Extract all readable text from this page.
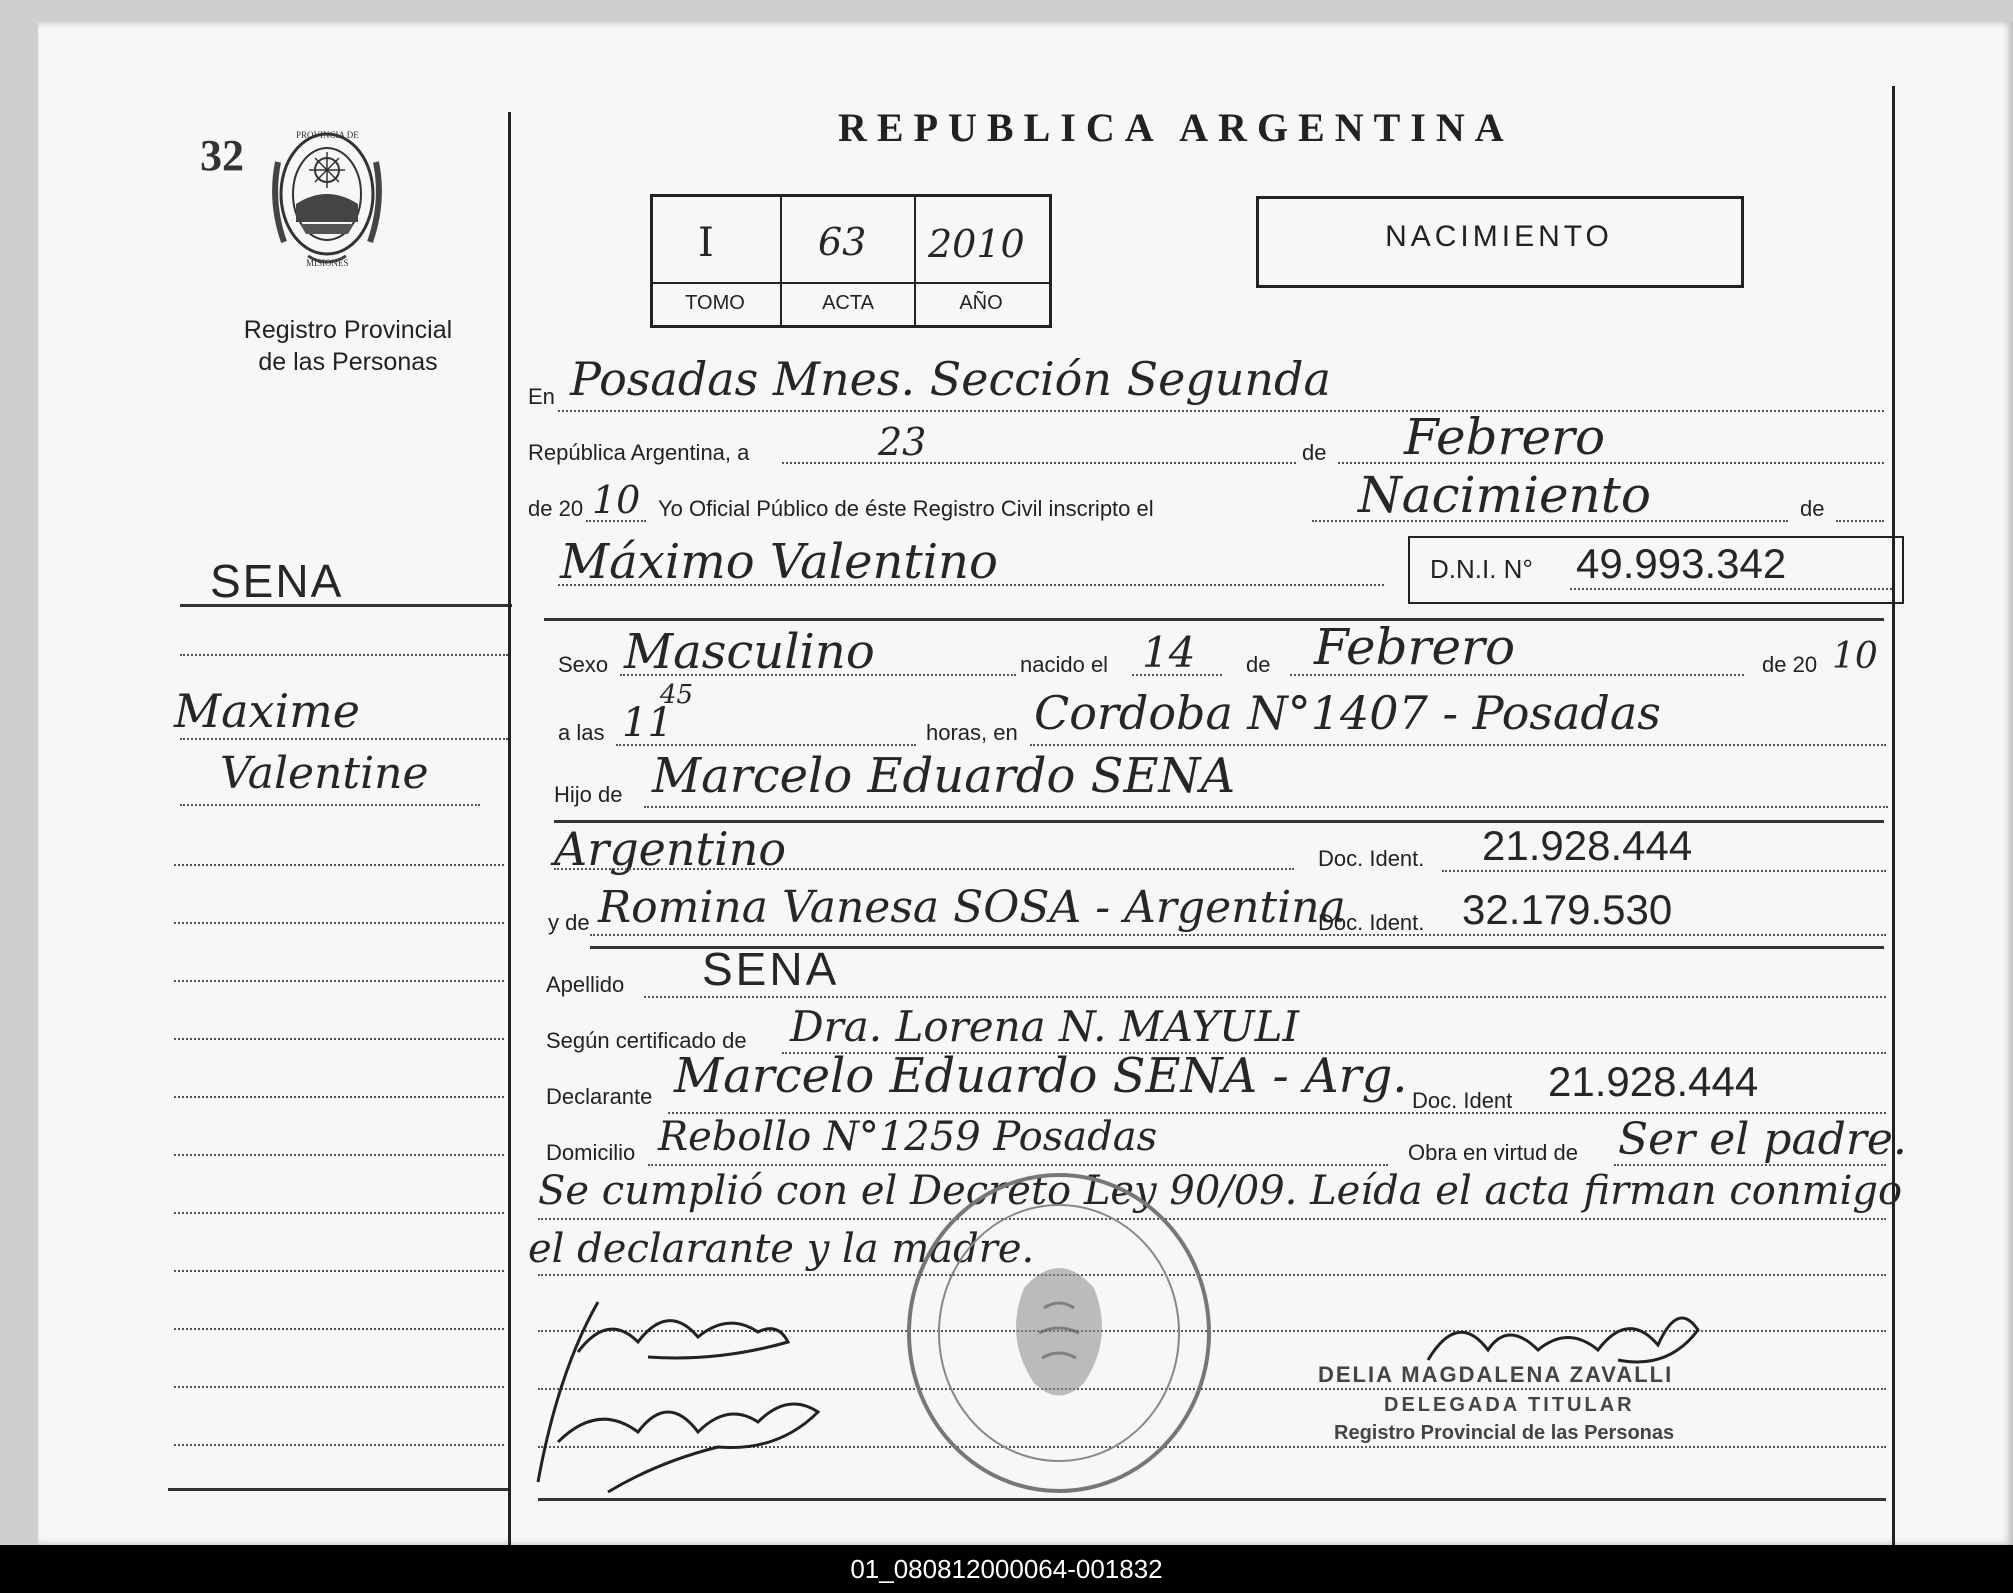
32	PROVINCIA DE
MISIONES
Registro Provincial
de las Personas
SENA
Maxime
Valentine
REPUBLICA ARGENTINA
I	63 2010
TOMO	ACTA	AÑO
NACIMIENTO
En Posadas Mnes. Sección Segunda
República Argentina, a	23	de Febrero
de 20 10 Yo Oficial Público de éste Registro Civil inscripto el	Nacimiento	de
Máximo Valentino	D.N.I. N° 49.993.342
Sexo Masculino	nacido el 14 de Febrero	de 20 10
a las 11
45
horas, en Cordoba N°1407 - Posadas
Hijo de Marcelo Eduardo SENA
Argentino	Doc. Ident. 21.928.444
y de Romina Vanesa SOSA - Argentina
Doc. Ident. 32.179.530
Apellido SENA
Según certificado de Dra. Lorena N. MAYULI
Declarante Marcelo Eduardo SENA - Arg. Doc. Ident 21.928.444
Domicilio Rebollo N°1259 Posadas	Obra en virtud de Ser el padre.
Se cumplió con el Decreto Ley 90/09. Leída el acta firman conmigo
el declarante y la madre.
DELIA MAGDALENA ZAVALLI
DELEGADA TITULAR
Registro Provincial de las Personas
01_080812000064-001832
